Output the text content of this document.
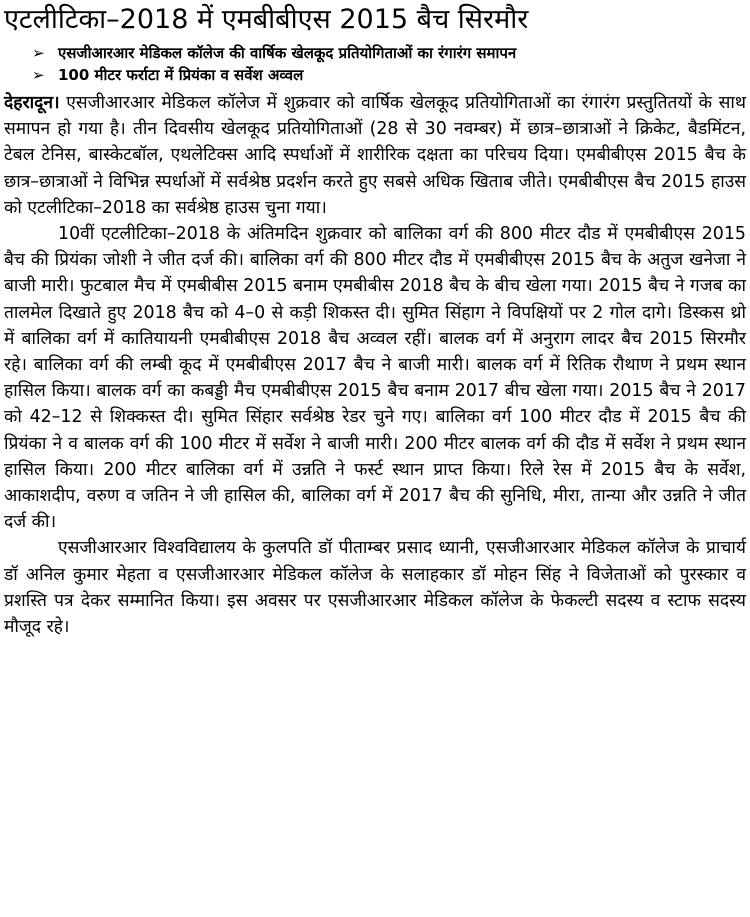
एटलीटिका–2018 में एमबीबीएस 2015 बैच सिरमौर
➢ एसजीआरआर मेडिकल कॉलेज की वार्षिक खेलकूद प्रतियोगिताओं का रंगारंग समापन
➢ 100 मीटर फर्राटा में प्रियंका व सर्वेश अव्वल

देहरादून। एसजीआरआर मेडिकल कॉलेज में शुक्रवार को वार्षिक खेलकूद प्रतियोगिताओं का रंगारंग प्रस्तुतितयों के साथ समापन हो गया है। तीन दिवसीय खेलकूद प्रतियोगिताओं (28 से 30 नवम्बर) में छात्र–छात्राओं ने क्रिकेट, बैडमिंटन, टेबल टेनिस, बास्केटबॉल, एथलेटिक्स आदि स्पर्धाओं में शारीरिक दक्षता का परिचय दिया। एमबीबीएस 2015 बैच के छात्र–छात्राओं ने विभिन्न स्पर्धाओं में सर्वश्रेष्ठ प्रदर्शन करते हुए सबसे अधिक खिताब जीते। एमबीबीएस बैच 2015 हाउस को एटलीटिका–2018 का सर्वश्रेष्ठ हाउस चुना गया।

10वीं एटलीटिका–2018 के अंतिमदिन शुक्रवार को बालिका वर्ग की 800 मीटर दौड में एमबीबीएस 2015 बैच की प्रियंका जोशी ने जीत दर्ज की। बालिका वर्ग की 800 मीटर दौड में एमबीबीएस 2015 बैच के अतुज खनेजा ने बाजी मारी। फुटबाल मैच में एमबीबीस 2015 बनाम एमबीबीस 2018 बैच के बीच खेला गया। 2015 बैच ने गजब का तालमेल दिखाते हुए 2018 बैच को 4–0 से कड़ी शिकस्त दी। सुमित सिंहाग ने विपक्षियों पर 2 गोल दागे। डिस्कस थ्रो में बालिका वर्ग में कातियायनी एमबीबीएस 2018 बैच अव्वल रहीं। बालक वर्ग में अनुराग लादर बैच 2015 सिरमौर रहे। बालिका वर्ग की लम्बी कूद में एमबीबीएस 2017 बैच ने बाजी मारी। बालक वर्ग में रितिक रौथाण ने प्रथम स्थान हासिल किया। बालक वर्ग का कबड्डी मैच एमबीबीएस 2015 बैच बनाम 2017 बीच खेला गया। 2015 बैच ने 2017 को 42–12 से शिक्कस्त दी। सुमित सिंहार सर्वश्रेष्ठ रेडर चुने गए। बालिका वर्ग 100 मीटर दौड में 2015 बैच की प्रियंका ने व बालक वर्ग की 100 मीटर में सर्वेश ने बाजी मारी। 200 मीटर बालक वर्ग की दौड में सर्वेश ने प्रथम स्थान हासिल किया। 200 मीटर बालिका वर्ग में उन्नति ने फर्स्ट स्थान प्राप्त किया। रिले रेस में 2015 बैच के सर्वेश, आकाशदीप, वरुण व जतिन ने जी हासिल की, बालिका वर्ग में 2017 बैच की सुनिधि, मीरा, तान्या और उन्नति ने जीत दर्ज की।

एसजीआरआर विश्वविद्यालय के कुलपति डॉ पीताम्बर प्रसाद ध्यानी, एसजीआरआर मेडिकल कॉलेज के प्राचार्य डॉ अनिल कुमार मेहता व एसजीआरआर मेडिकल कॉलेज के सलाहकार डॉ मोहन सिंह ने विजेताओं को पुरस्कार व प्रशस्ति पत्र देकर सम्मानित किया। इस अवसर पर एसजीआरआर मेडिकल कॉलेज के फेकल्टी सदस्य व स्टाफ सदस्य मौजूद रहे।
